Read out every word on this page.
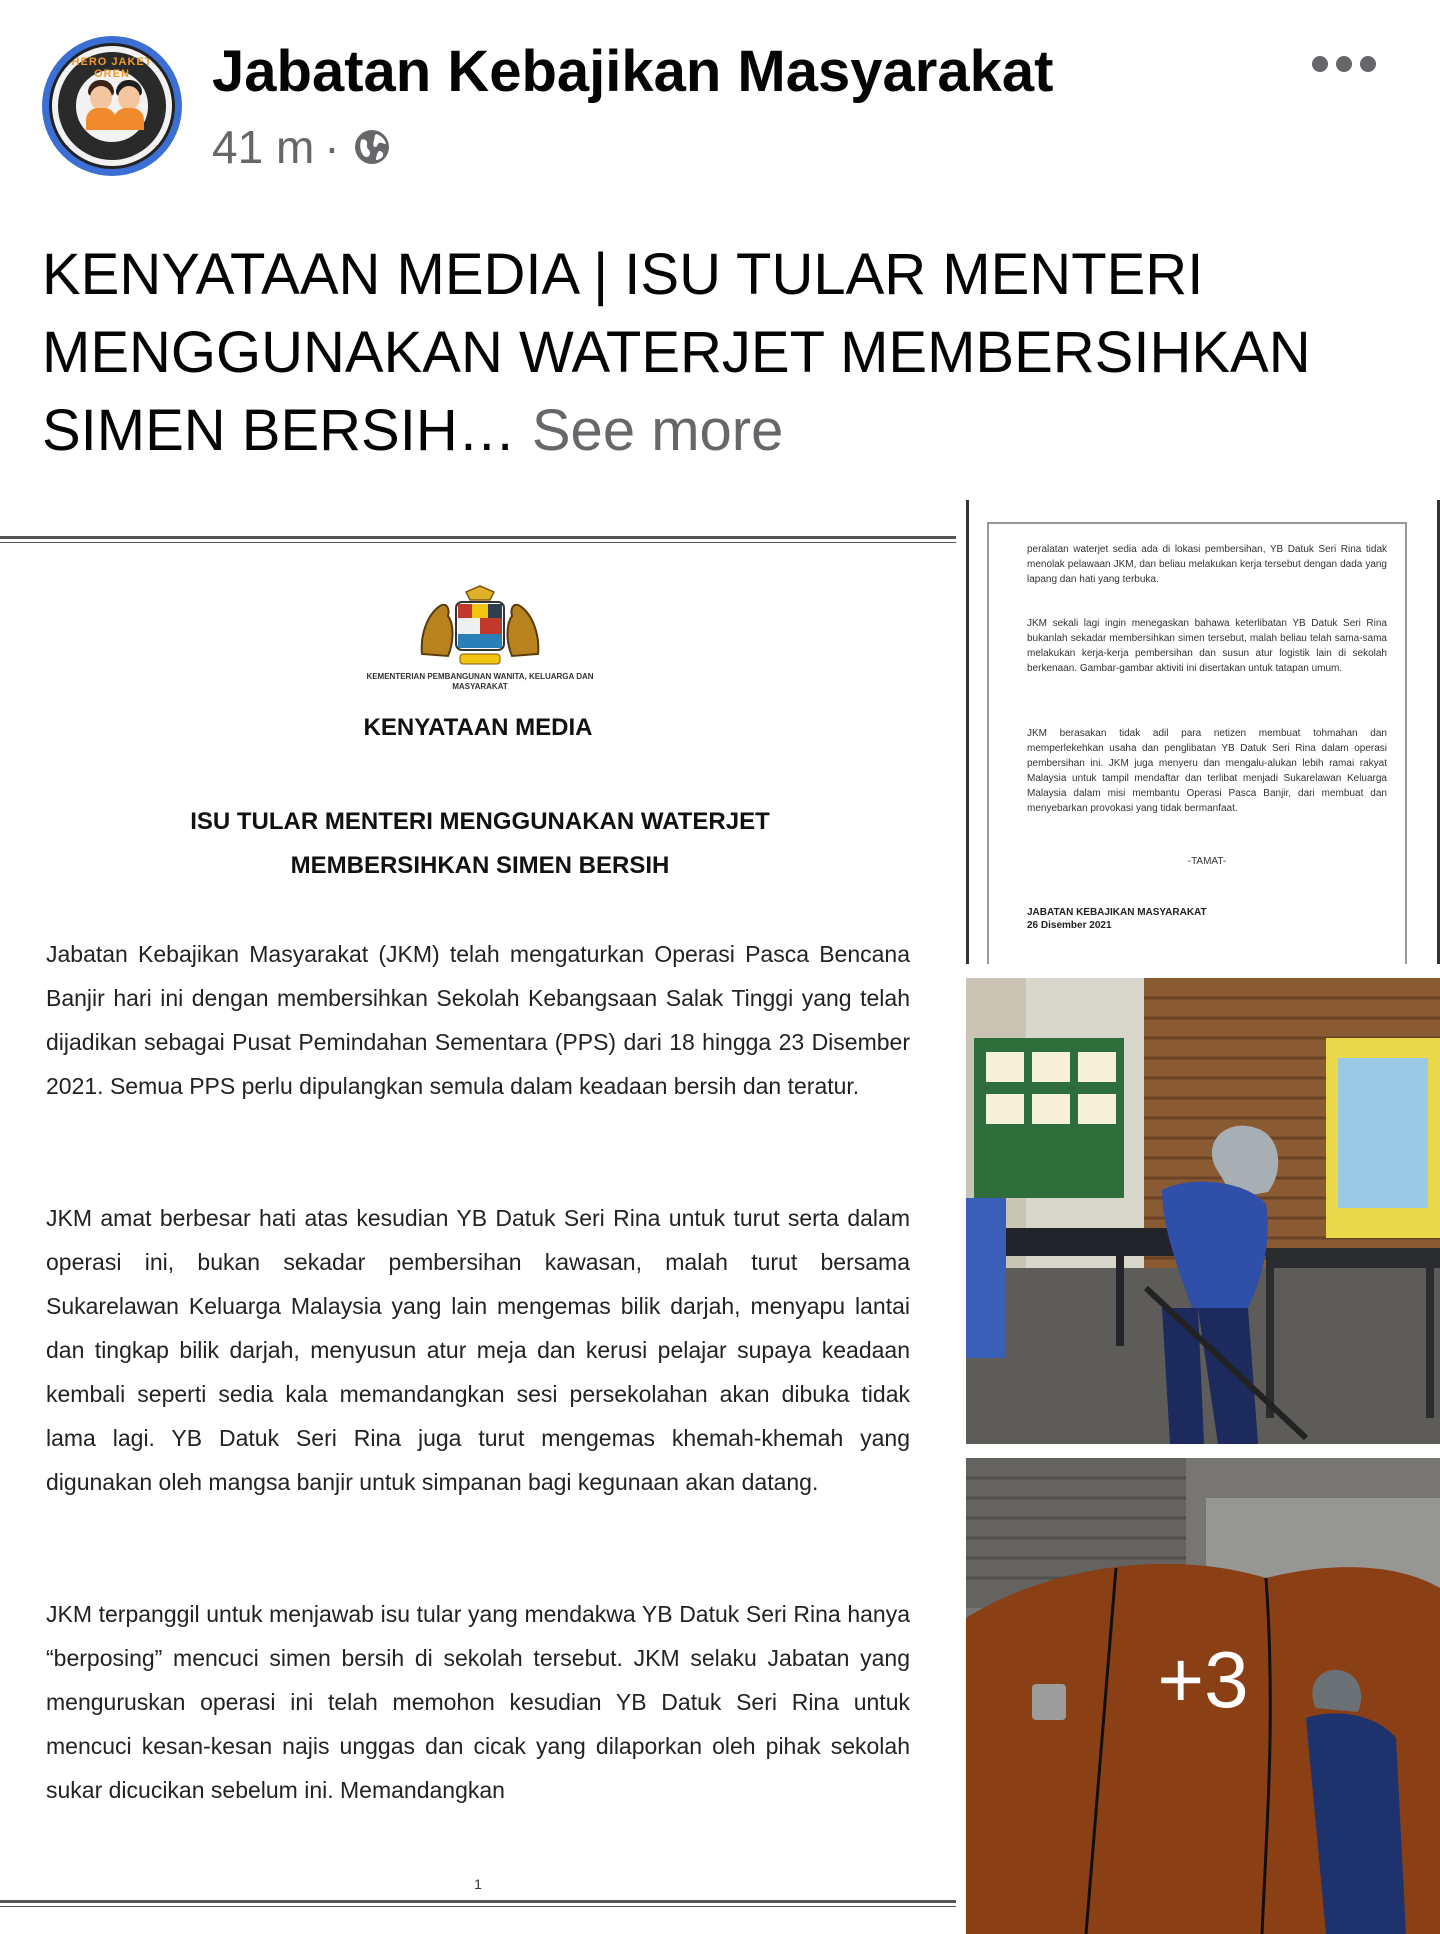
HERO JAKET OREN	Jabatan Kebajikan Masyarakat
41 m ·
KENYATAAN MEDIA | ISU TULAR MENTERI MENGGUNAKAN WATERJET MEMBERSIHKAN SIMEN BERSIH… See more
KEMENTERIAN PEMBANGUNAN WANITA, KELUARGA DAN MASYARAKAT
KENYATAAN MEDIA
ISU TULAR MENTERI MENGGUNAKAN WATERJET
MEMBERSIHKAN SIMEN BERSIH
Jabatan Kebajikan Masyarakat (JKM) telah mengaturkan Operasi Pasca Bencana Banjir hari ini dengan membersihkan Sekolah Kebangsaan Salak Tinggi yang telah dijadikan sebagai Pusat Pemindahan Sementara (PPS) dari 18 hingga 23 Disember 2021. Semua PPS perlu dipulangkan semula dalam keadaan bersih dan teratur.
JKM amat berbesar hati atas kesudian YB Datuk Seri Rina untuk turut serta dalam operasi ini, bukan sekadar pembersihan kawasan, malah turut bersama Sukarelawan Keluarga Malaysia yang lain mengemas bilik darjah, menyapu lantai dan tingkap bilik darjah, menyusun atur meja dan kerusi pelajar supaya keadaan kembali seperti sedia kala memandangkan sesi persekolahan akan dibuka tidak lama lagi. YB Datuk Seri Rina juga turut mengemas khemah-khemah yang digunakan oleh mangsa banjir untuk simpanan bagi kegunaan akan datang.
JKM terpanggil untuk menjawab isu tular yang mendakwa YB Datuk Seri Rina hanya “berposing” mencuci simen bersih di sekolah tersebut. JKM selaku Jabatan yang menguruskan operasi ini telah memohon kesudian YB Datuk Seri Rina untuk mencuci kesan-kesan najis unggas dan cicak yang dilaporkan oleh pihak sekolah sukar dicucikan sebelum ini. Memandangkan
1
peralatan waterjet sedia ada di lokasi pembersihan, YB Datuk Seri Rina tidak menolak pelawaan JKM, dan beliau melakukan kerja tersebut dengan dada yang lapang dan hati yang terbuka.
JKM sekali lagi ingin menegaskan bahawa keterlibatan YB Datuk Seri Rina bukanlah sekadar membersihkan simen tersebut, malah beliau telah sama-sama melakukan kerja-kerja pembersihan dan susun atur logistik lain di sekolah berkenaan. Gambar-gambar aktiviti ini disertakan untuk tatapan umum.
JKM berasakan tidak adil para netizen membuat tohmahan dan memperlekehkan usaha dan penglibatan YB Datuk Seri Rina dalam operasi pembersihan ini. JKM juga menyeru dan mengalu-alukan lebih ramai rakyat Malaysia untuk tampil mendaftar dan terlibat menjadi Sukarelawan Keluarga Malaysia dalam misi membantu Operasi Pasca Banjir, dari membuat dan menyebarkan provokasi yang tidak bermanfaat.
-TAMAT-
JABATAN KEBAJIKAN MASYARAKAT
26 Disember 2021
+3
